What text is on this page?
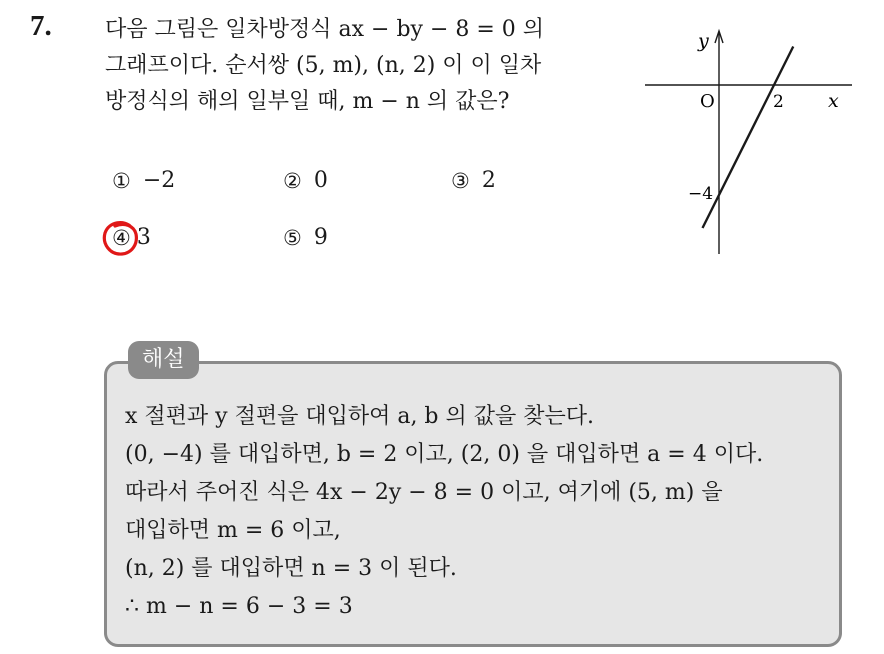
7. 다음 그림은 일차방정식 ax − by − 8 = 0 의
그래프이다. 순서쌍 (5, m), (n, 2) 이 이 일차
방정식의 해의 일부일 때, m − n 의 값은?
① −2	② 0	③ 2
④ 3	⑤ 9
y
x
O	2
−4
해설
x 절편과 y 절편을 대입하여 a, b 의 값을 찾는다.
(0, −4) 를 대입하면, b = 2 이고, (2, 0) 을 대입하면 a = 4 이다.
따라서 주어진 식은 4x − 2y − 8 = 0 이고, 여기에 (5, m) 을
대입하면 m = 6 이고,
(n, 2) 를 대입하면 n = 3 이 된다.
∴ m − n = 6 − 3 = 3
